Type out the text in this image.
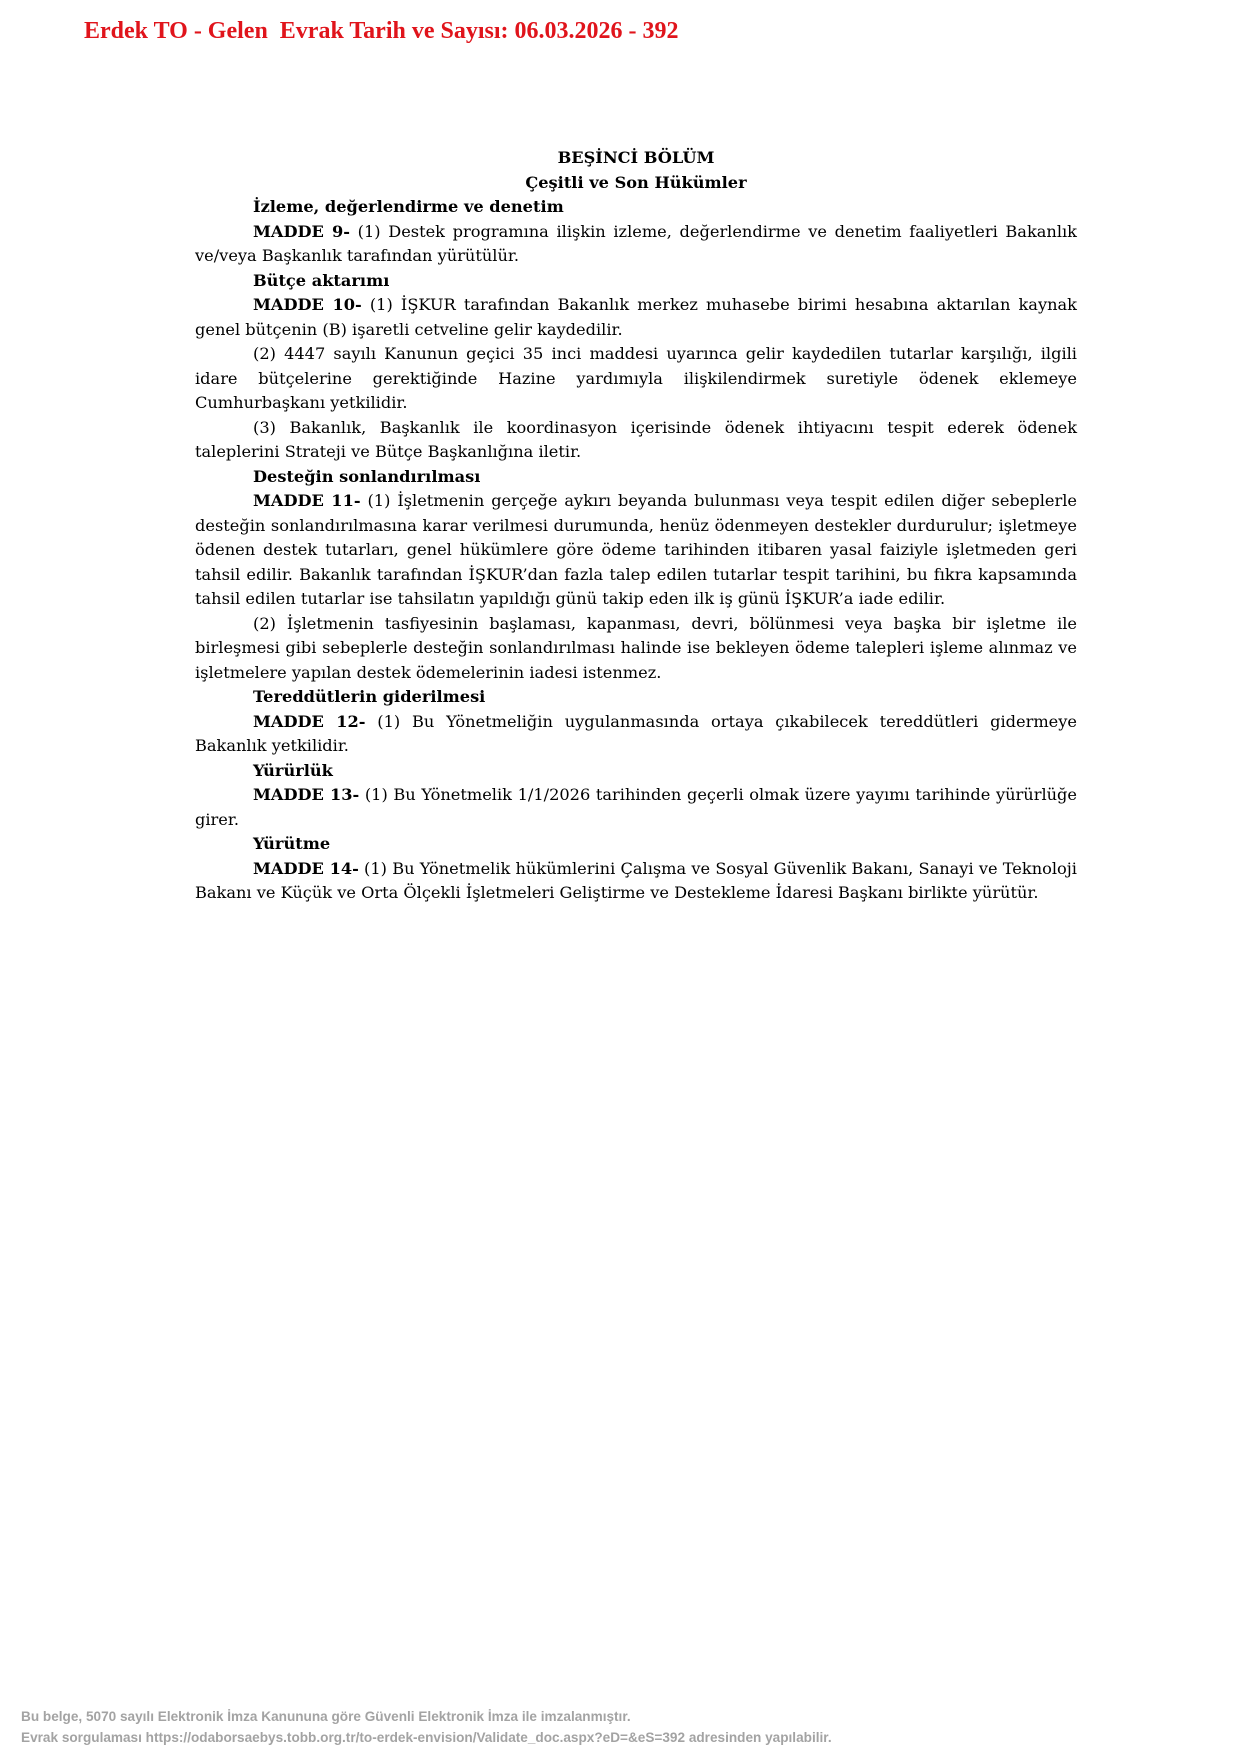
Erdek TO - Gelen  Evrak Tarih ve Sayısı: 06.03.2026 - 392
BEŞİNCİ BÖLÜM
Çeşitli ve Son Hükümler
İzleme, değerlendirme ve denetim
MADDE 9- (1) Destek programına ilişkin izleme, değerlendirme ve denetim faaliyetleri Bakanlık ve/veya Başkanlık tarafından yürütülür.
Bütçe aktarımı
MADDE 10- (1) İŞKUR tarafından Bakanlık merkez muhasebe birimi hesabına aktarılan kaynak genel bütçenin (B) işaretli cetveline gelir kaydedilir.
(2) 4447 sayılı Kanunun geçici 35 inci maddesi uyarınca gelir kaydedilen tutarlar karşılığı, ilgili idare bütçelerine gerektiğinde Hazine yardımıyla ilişkilendirmek suretiyle ödenek eklemeye Cumhurbaşkanı yetkilidir.
(3) Bakanlık, Başkanlık ile koordinasyon içerisinde ödenek ihtiyacını tespit ederek ödenek taleplerini Strateji ve Bütçe Başkanlığına iletir.
Desteğin sonlandırılması
MADDE 11- (1) İşletmenin gerçeğe aykırı beyanda bulunması veya tespit edilen diğer sebeplerle desteğin sonlandırılmasına karar verilmesi durumunda, henüz ödenmeyen destekler durdurulur; işletmeye ödenen destek tutarları, genel hükümlere göre ödeme tarihinden itibaren yasal faiziyle işletmeden geri tahsil edilir. Bakanlık tarafından İŞKUR’dan fazla talep edilen tutarlar tespit tarihini, bu fıkra kapsamında tahsil edilen tutarlar ise tahsilatın yapıldığı günü takip eden ilk iş günü İŞKUR’a iade edilir.
(2) İşletmenin tasfiyesinin başlaması, kapanması, devri, bölünmesi veya başka bir işletme ile birleşmesi gibi sebeplerle desteğin sonlandırılması halinde ise bekleyen ödeme talepleri işleme alınmaz ve işletmelere yapılan destek ödemelerinin iadesi istenmez.
Tereddütlerin giderilmesi
MADDE 12- (1) Bu Yönetmeliğin uygulanmasında ortaya çıkabilecek tereddütleri gidermeye Bakanlık yetkilidir.
Yürürlük
MADDE 13- (1) Bu Yönetmelik 1/1/2026 tarihinden geçerli olmak üzere yayımı tarihinde yürürlüğe girer.
Yürütme
MADDE 14- (1) Bu Yönetmelik hükümlerini Çalışma ve Sosyal Güvenlik Bakanı, Sanayi ve Teknoloji Bakanı ve Küçük ve Orta Ölçekli İşletmeleri Geliştirme ve Destekleme İdaresi Başkanı birlikte yürütür.
Bu belge, 5070 sayılı Elektronik İmza Kanununa göre Güvenli Elektronik İmza ile imzalanmıştır.
Evrak sorgulaması https://odaborsaebys.tobb.org.tr/to-erdek-envision/Validate_doc.aspx?eD=&eS=392 adresinden yapılabilir.
